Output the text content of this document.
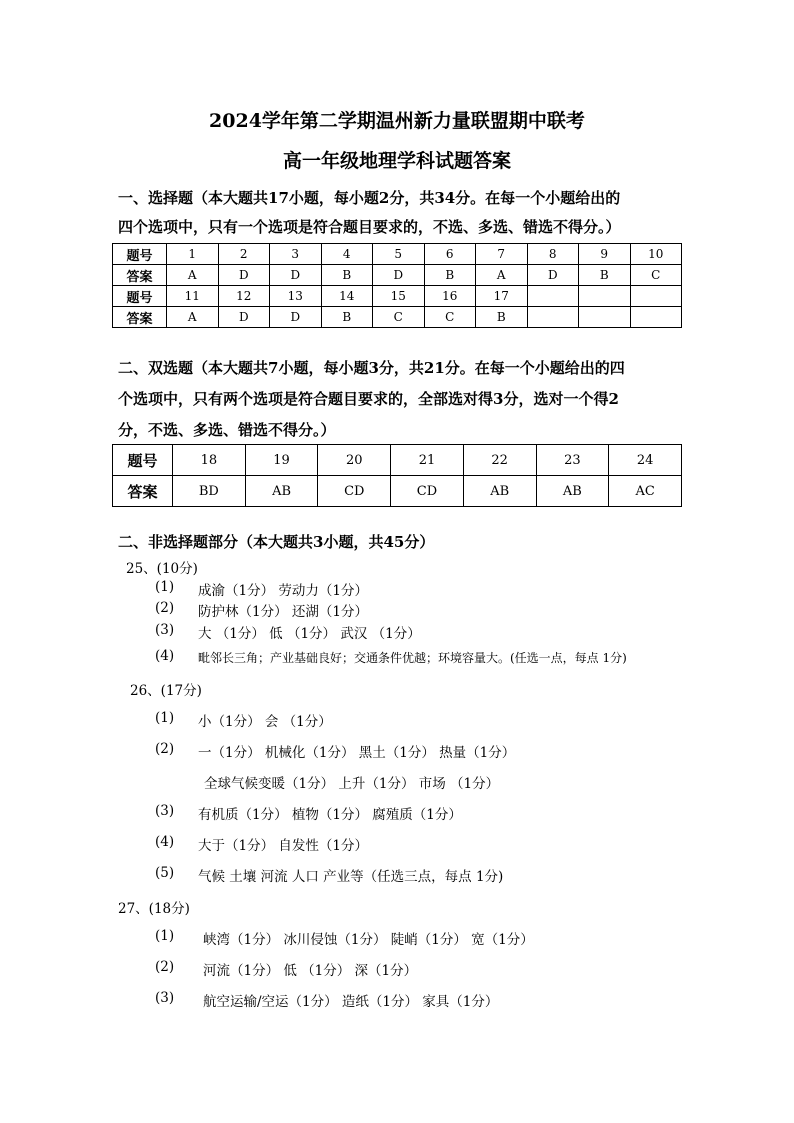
2024学年第二学期温州新力量联盟期中联考
高一年级地理学科试题答案
一、选择题（本大题共17小题，每小题2分，共34分。在每一个小题给出的
四个选项中，只有一个选项是符合题目要求的，不选、多选、错选不得分。）
题号	1	2	3	4	5	6	7	8	9	10
答案	A	D	D	B	D	B	A	D	B	C
题号	11	12	13	14	15	16	17			
答案	A	D	D	B	C	C	B			
二、双选题（本大题共7小题，每小题3分，共21分。在每一个小题给出的四
个选项中，只有两个选项是符合题目要求的，全部选对得3分，选对一个得2
分，不选、多选、错选不得分。）
题号	18	19	20	21	22	23	24
答案	BD	AB	CD	CD	AB	AB	AC
二、非选择题部分（本大题共3小题，共45分）
25、(10分)
(1) 成渝（1分） 劳动力（1分）
(2) 防护林（1分） 还湖（1分）
(3) 大 （1分） 低 （1分） 武汉 （1分）
(4) 毗邻长三角；产业基础良好；交通条件优越；环境容量大。(任选一点，每点 1分)
26、(17分)
(1) 小（1分） 会 （1分）
(2) 一（1分） 机械化（1分） 黑土（1分） 热量（1分）
全球气候变暖（1分） 上升（1分） 市场 （1分）
(3) 有机质（1分） 植物（1分） 腐殖质（1分）
(4) 大于（1分） 自发性（1分）
(5) 气候 土壤 河流 人口 产业等（任选三点，每点 1分)
27、(18分)
(1) 峡湾（1分） 冰川侵蚀（1分） 陡峭（1分） 宽（1分）
(2) 河流（1分） 低 （1分） 深（1分）
(3) 航空运输/空运（1分） 造纸（1分） 家具（1分）
